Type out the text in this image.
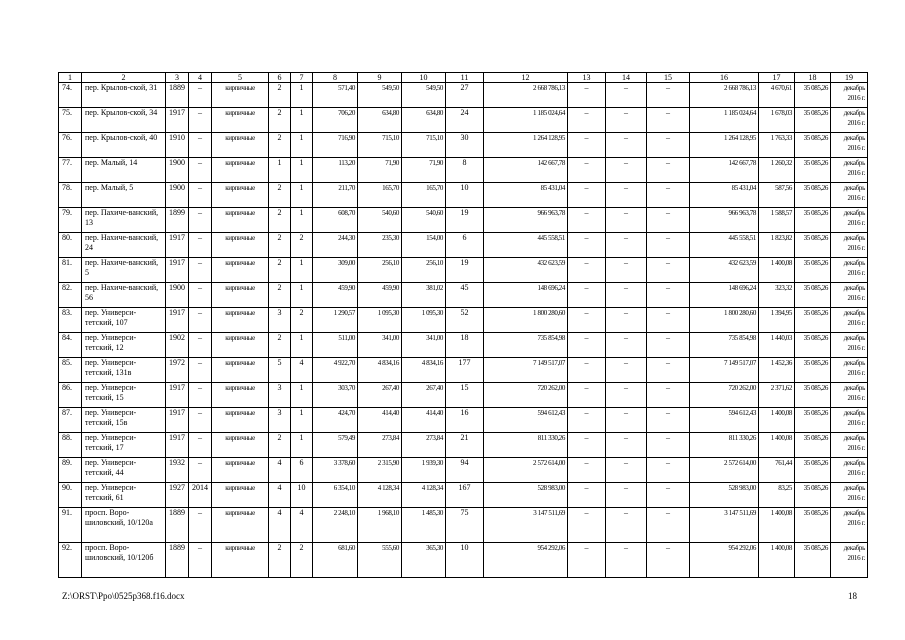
1	2	3	4	5	6	7	8	9	10	11	12	13	14	15	16	17	18	19
74.	пер. Крылов-ской, 31	1889	–	кирпичные	2	1	571,40	549,50	549,50	27	2 668 786,13	–	–	–	2 668 786,13	4 670,61	35 085,26	декабрь 2016 г.
75.	пер. Крылов-ской, 34	1917	–	кирпичные	2	1	706,20	634,80	634,80	24	1 185 024,64	–	–	–	1 185 024,64	1 678,03	35 085,26	декабрь 2016 г.
76.	пер. Крылов-ской, 40	1910	–	кирпичные	2	1	716,90	715,10	715,10	30	1 264 128,95	–	–	–	1 264 128,95	1 763,33	35 085,26	декабрь 2016 г.
77.	пер. Малый, 14	1900	–	кирпичные	1	1	113,20	71,90	71,90	8	142 667,78	–	–	–	142 667,78	1 260,32	35 085,26	декабрь 2016 г.
78.	пер. Малый, 5	1900	–	кирпичные	2	1	211,70	165,70	165,70	10	85 431,04	–	–	–	85 431,04	587,56	35 085,26	декабрь 2016 г.
79.	пер. Пахиче-ванский, 13	1899	–	кирпичные	2	1	608,70	540,60	540,60	19	966 963,78	–	–	–	966 963,78	1 588,57	35 085,26	декабрь 2016 г.
80.	пер. Нахиче-ванский, 24	1917	–	кирпичные	2	2	244,30	235,30	154,00	6	445 558,51	–	–	–	445 558,51	1 823,82	35 085,26	декабрь 2016 г.
81.	пер. Нахиче-ванский, 5	1917	–	кирпичные	2	1	309,00	256,10	256,10	19	432 623,59	–	–	–	432 623,59	1 400,08	35 085,26	декабрь 2016 г.
82.	пер. Нахиче-ванский, 56	1900	–	кирпичные	2	1	459,90	459,90	381,02	45	148 696,24	–	–	–	148 696,24	323,32	35 085,26	декабрь 2016 г.
83.	пер. Универси-тетский, 107	1917	–	кирпичные	3	2	1 290,57	1 095,30	1 095,30	52	1 800 280,60	–	–	–	1 800 280,60	1 394,95	35 085,26	декабрь 2016 г.
84.	пер. Универси-тетский, 12	1902	–	кирпичные	2	1	511,00	341,00	341,00	18	735 854,98	–	–	–	735 854,98	1 440,03	35 085,26	декабрь 2016 г.
85.	пер. Универси-тетский, 131в	1972	–	кирпичные	5	4	4 922,70	4 834,16	4 834,16	177	7 149 517,07	–	–	–	7 149 517,07	1 452,36	35 085,26	декабрь 2016 г.
86.	пер. Универси-тетский, 15	1917	–	кирпичные	3	1	303,70	267,40	267,40	15	720 262,00	–	–	–	720 262,00	2 371,62	35 085,26	декабрь 2016 г.
87.	пер. Универси-тетский, 15в	1917	–	кирпичные	3	1	424,70	414,40	414,40	16	594 612,43	–	–	–	594 612,43	1 400,08	35 085,26	декабрь 2016 г.
88.	пер. Универси-тетский, 17	1917	–	кирпичные	2	1	579,49	273,84	273,84	21	811 330,26	–	–	–	811 330,26	1 400,08	35 085,26	декабрь 2016 г.
89.	пер. Универси-тетский, 44	1932	–	кирпичные	4	6	3 378,60	2 315,90	1 939,30	94	2 572 614,00	–	–	–	2 572 614,00	761,44	35 085,26	декабрь 2016 г.
90.	пер. Универси-тетский, 61	1927	2014	кирпичные	4	10	6 354,10	4 128,34	4 128,34	167	528 983,00	–	–	–	528 983,00	83,25	35 085,26	декабрь 2016 г.
91.	просп. Воро-шиловский, 10/120а	1889	–	кирпичные	4	4	2 248,10	1 968,10	1 485,30	75	3 147 511,69	–	–	–	3 147 511,69	1 400,08	35 085,26	декабрь 2016 г.
92.	просп. Воро-шиловский, 10/120б	1889	–	кирпичные	2	2	681,60	555,60	365,30	10	954 292,06	–	–	–	954 292,06	1 400,08	35 085,26	декабрь 2016 г.
Z:\ORST\Ppo\0525p368.f16.docx	18
